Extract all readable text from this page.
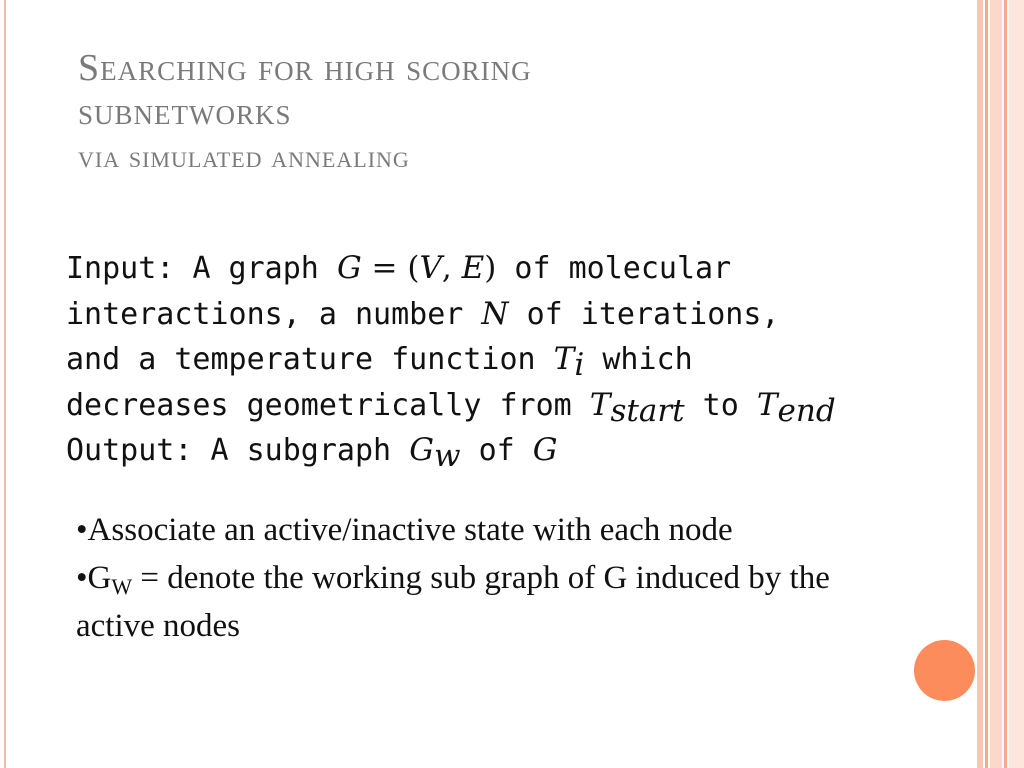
Searching for high scoring
subnetworks
via simulated annealing
Input: A graph G = (V, E) of molecular
interactions, a number N of iterations,
and a temperature function $T_i$ which
decreases geometrically from $T_{start}$ to $T_{end}$
Output: A subgraph $G_w$ of G

•Associate an active/inactive state with each node

$•G_W$ = denote the working sub graph of G induced by the active nodes
